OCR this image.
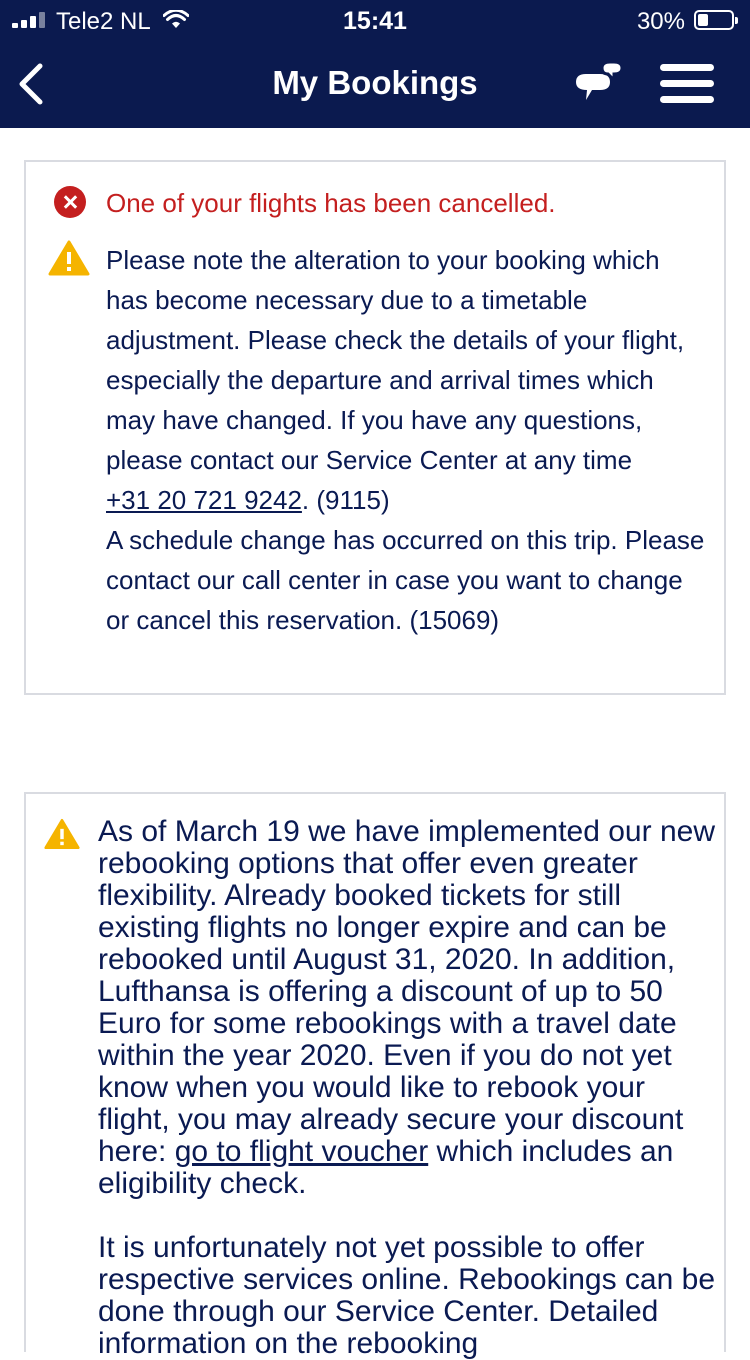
Tele2 NL	15:41	30%
My Bookings
One of your flights has been cancelled.
Please note the alteration to your booking which has become necessary due to a timetable adjustment. Please check the details of your flight, especially the departure and arrival times which may have changed. If you have any questions, please contact our Service Center at any time
+31 20 721 9242. (9115)
A schedule change has occurred on this trip. Please contact our call center in case you want to change or cancel this reservation. (15069)

As of March 19 we have implemented our new rebooking options that offer even greater flexibility. Already booked tickets for still existing flights no longer expire and can be rebooked until August 31, 2020. In addition, Lufthansa is offering a discount of up to 50 Euro for some rebookings with a travel date within the year 2020. Even if you do not yet know when you would like to rebook your flight, you may already secure your discount here: go to flight voucher which includes an eligibility check.

It is unfortunately not yet possible to offer respective services online. Rebookings can be done through our Service Center. Detailed information on the rebooking
